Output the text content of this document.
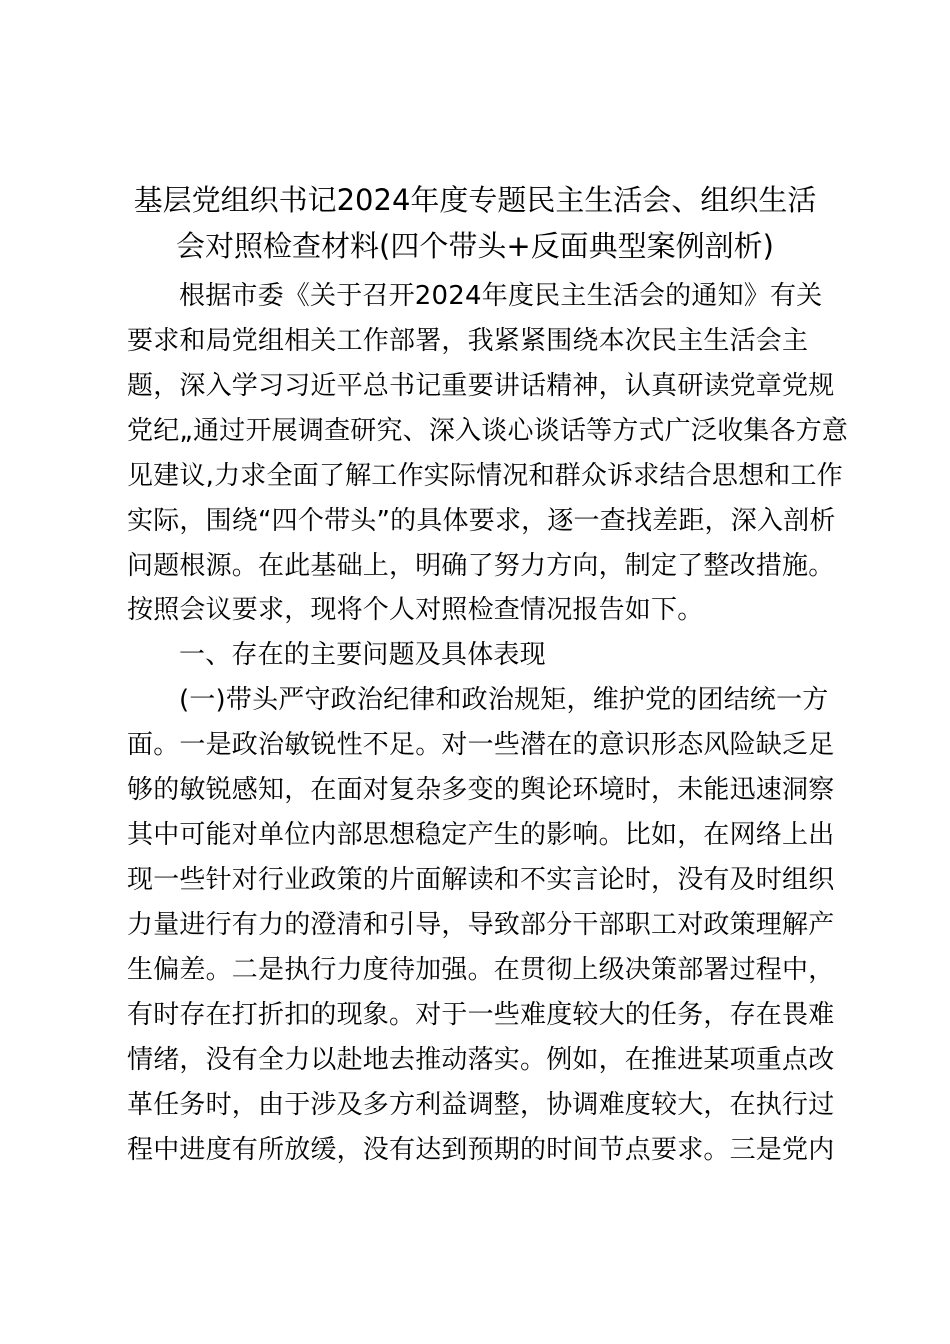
基层党组织书记2024年度专题民主生活会、组织生活
会对照检查材料(四个带头+反面典型案例剖析)
根据市委《关于召开2024年度民主生活会的通知》有关
要求和局党组相关工作部署，我紧紧围绕本次民主生活会主
题，深入学习习近平总书记重要讲话精神，认真研读党章党规
党纪„通过开展调查研究、深入谈心谈话等方式广泛收集各方意
见建议,力求全面了解工作实际情况和群众诉求结合思想和工作
实际，围绕“四个带头”的具体要求，逐一查找差距，深入剖析
问题根源。在此基础上，明确了努力方向，制定了整改措施。
按照会议要求，现将个人对照检查情况报告如下。
一、存在的主要问题及具体表现
(一)带头严守政治纪律和政治规矩，维护党的团结统一方
面。一是政治敏锐性不足。对一些潜在的意识形态风险缺乏足
够的敏锐感知，在面对复杂多变的舆论环境时，未能迅速洞察
其中可能对单位内部思想稳定产生的影响。比如，在网络上出
现一些针对行业政策的片面解读和不实言论时，没有及时组织
力量进行有力的澄清和引导，导致部分干部职工对政策理解产
生偏差。二是执行力度待加强。在贯彻上级决策部署过程中，
有时存在打折扣的现象。对于一些难度较大的任务，存在畏难
情绪，没有全力以赴地去推动落实。例如，在推进某项重点改
革任务时，由于涉及多方利益调整，协调难度较大，在执行过
程中进度有所放缓，没有达到预期的时间节点要求。三是党内
